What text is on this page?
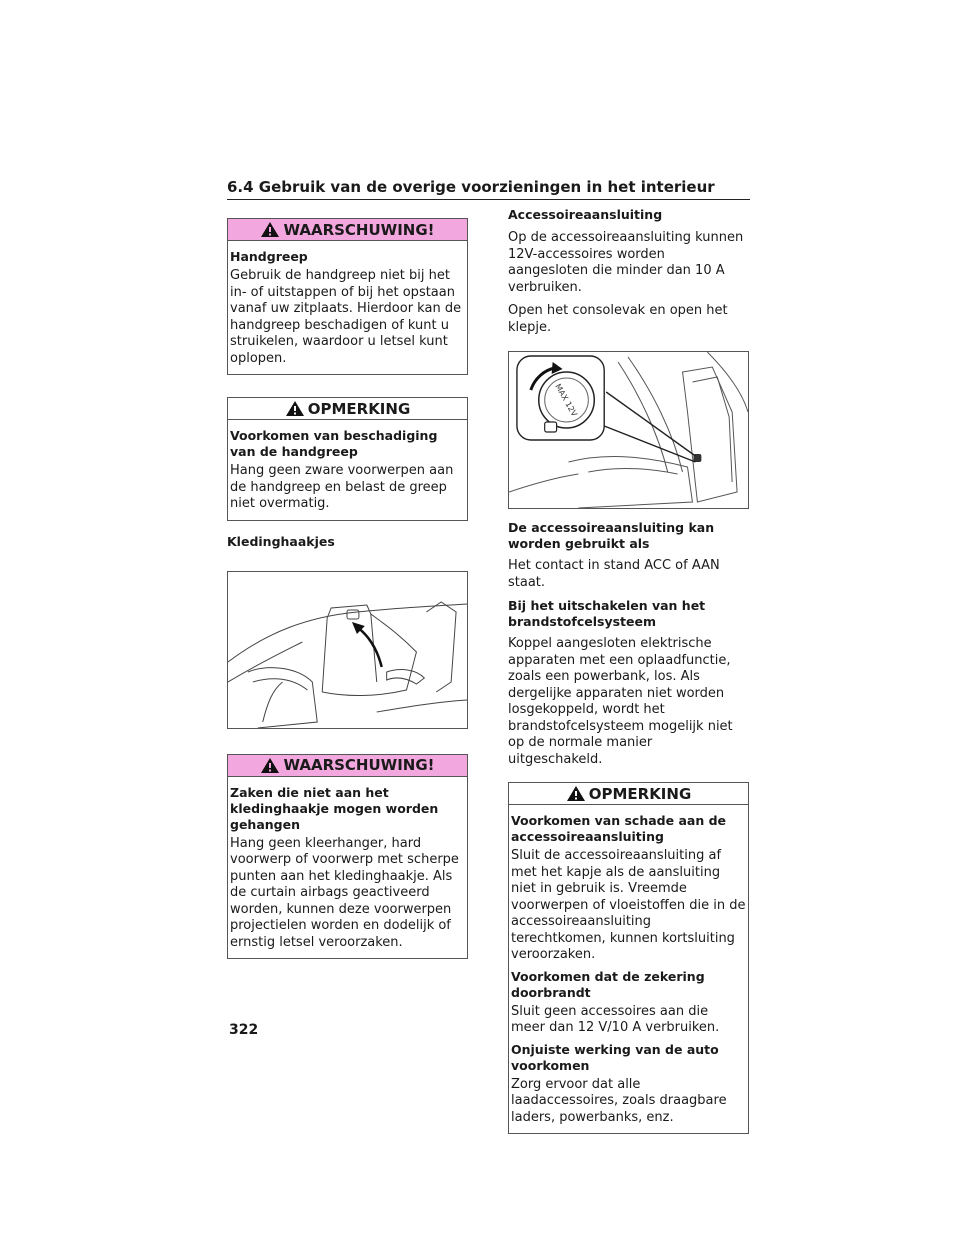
6.4 Gebruik van de overige voorzieningen in het interieur
WAARSCHUWING!

Handgreep

Gebruik de handgreep niet bij het in- of uitstappen of bij het opstaan vanaf uw zitplaats. Hierdoor kan de handgreep beschadigen of kunt u struikelen, waardoor u letsel kunt oplopen.

OPMERKING

Voorkomen van beschadiging van de handgreep

Hang geen zware voorwerpen aan de handgreep en belast de greep niet overmatig.

Kledinghaakjes

WAARSCHUWING!

Zaken die niet aan het kledinghaakje mogen worden gehangen

Hang geen kleerhanger, hard voorwerp of voorwerp met scherpe punten aan het kledinghaakje. Als de curtain airbags geactiveerd worden, kunnen deze voorwerpen projectielen worden en dodelijk of ernstig letsel veroorzaken.

Accessoireaansluiting

Op de accessoireaansluiting kunnen 12V-accessoires worden aangesloten die minder dan 10 A verbruiken.

Open het consolevak en open het klepje.

MAX 12V

De accessoireaansluiting kan worden gebruikt als

Het contact in stand ACC of AAN staat.

Bij het uitschakelen van het brandstofcelsysteem

Koppel aangesloten elektrische apparaten met een oplaadfunctie, zoals een powerbank, los. Als dergelijke apparaten niet worden losgekoppeld, wordt het brandstofcelsysteem mogelijk niet op de normale manier uitgeschakeld.

OPMERKING

Voorkomen van schade aan de accessoireaansluiting

Sluit de accessoireaansluiting af met het kapje als de aansluiting niet in gebruik is. Vreemde voorwerpen of vloeistoffen die in de accessoireaansluiting terechtkomen, kunnen kortsluiting veroorzaken.

Voorkomen dat de zekering doorbrandt

Sluit geen accessoires aan die meer dan 12 V/10 A verbruiken.

Onjuiste werking van de auto voorkomen

Zorg ervoor dat alle laadaccessoires, zoals draagbare laders, powerbanks, enz.

322
